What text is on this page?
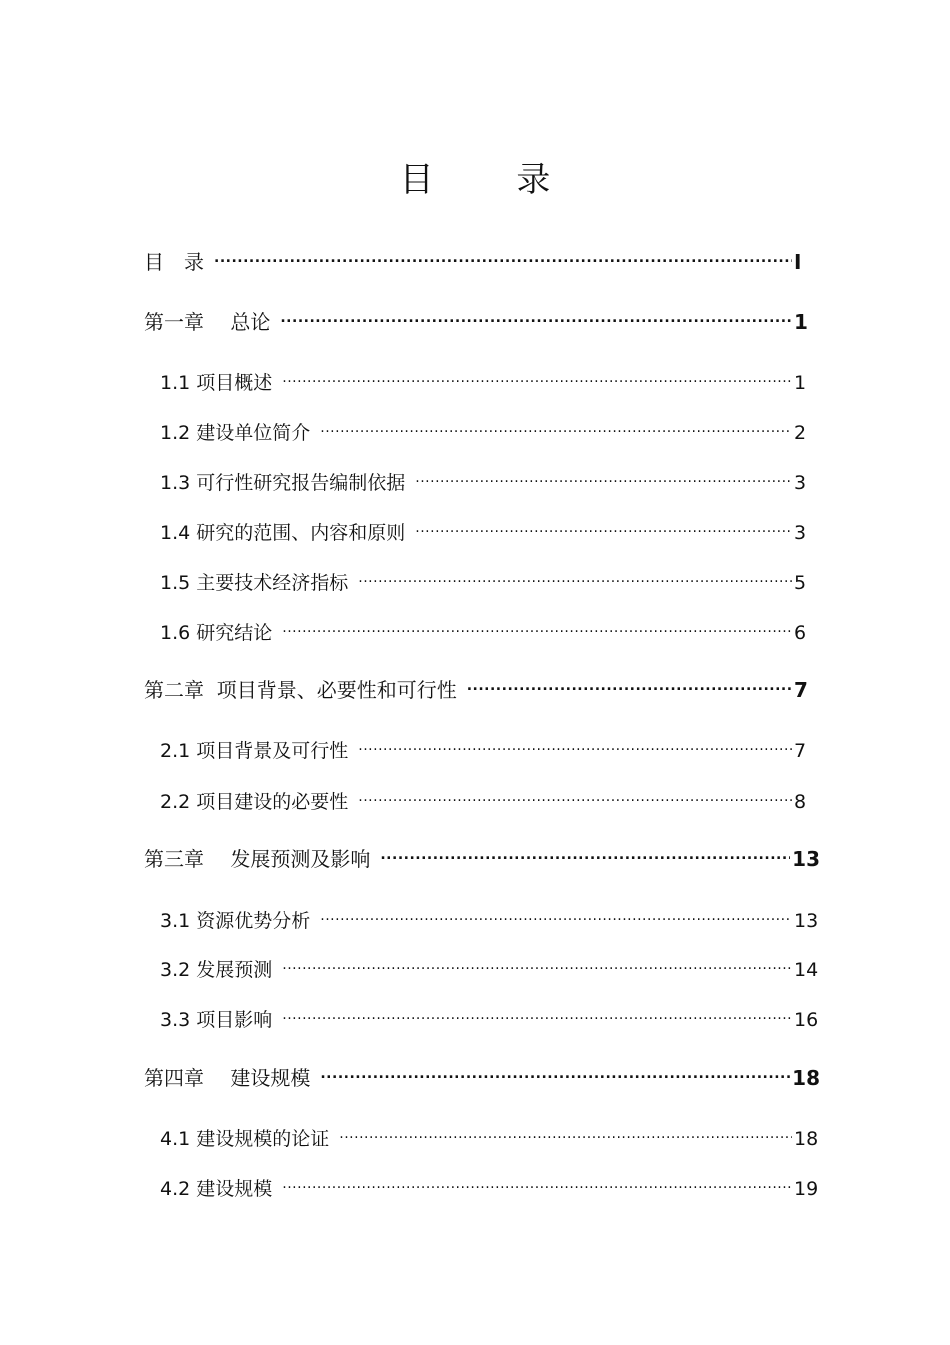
目 录
目　录 .....	I
第一章　 总论 .....	1
1.1 项目概述 .....	1
1.2 建设单位简介 .....	2
1.3 可行性研究报告编制依据 .....	3
1.4 研究的范围、内容和原则 .....	3
1.5 主要技术经济指标 .....	5
1.6 研究结论 .....	6
第二章  项目背景、必要性和可行性 .....	7
2.1 项目背景及可行性 .....	7
2.2 项目建设的必要性 .....	8
第三章　 发展预测及影响 .....	13
3.1 资源优势分析 .....	13
3.2 发展预测 .....	14
3.3 项目影响 .....	16
第四章　 建设规模 .....	18
4.1 建设规模的论证 .....	18
4.2 建设规模 .....	19
